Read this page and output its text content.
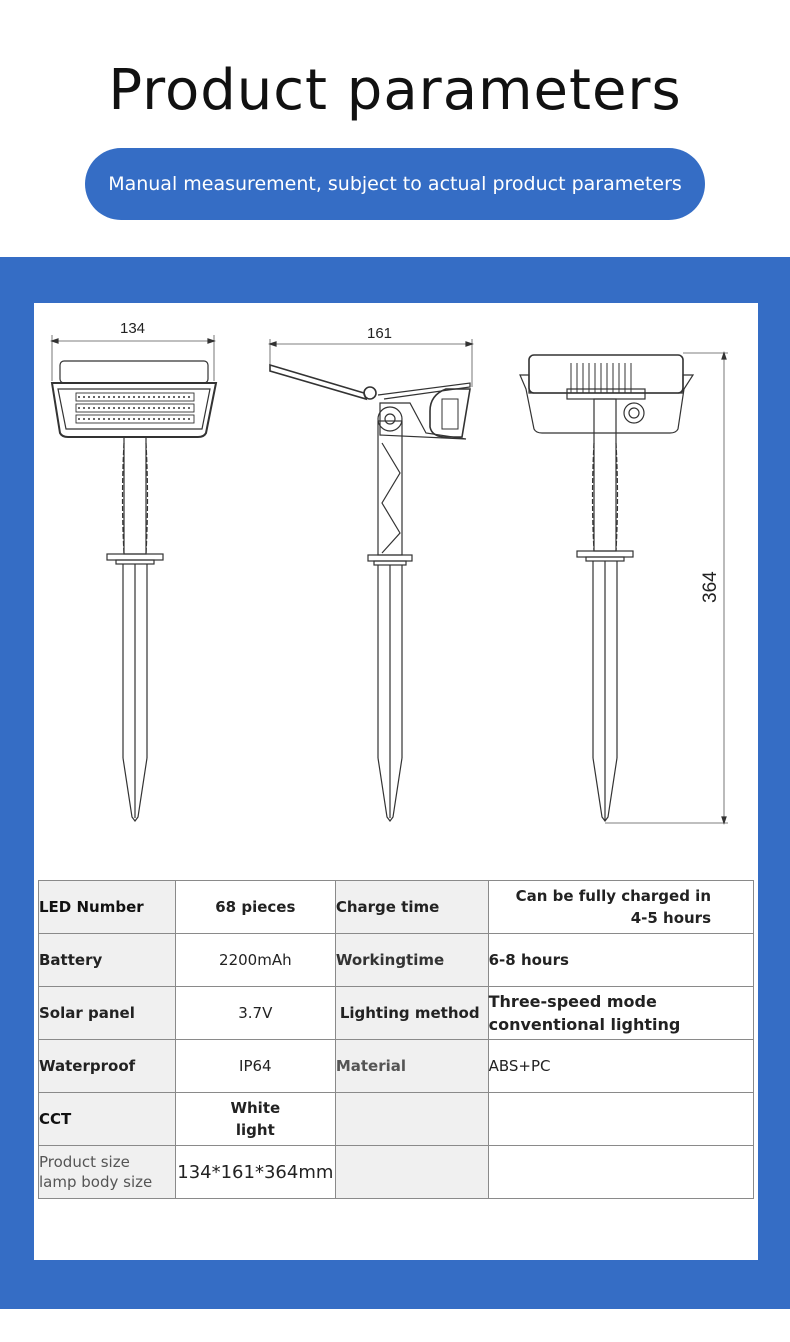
Product parameters
Manual measurement, subject to actual product parameters
134	161
364
LED Number	68 pieces	Charge time	Can be fully charged in
4-5 hours

Battery	2200mAh	Workingtime	6-8 hours
Solar panel	3.7V	Lighting method	Three-speed mode
conventional lighting

Waterproof	IP64	Material	ABS+PC
CCT	White
light		

Product size
lamp body size	134*161*364mm		
